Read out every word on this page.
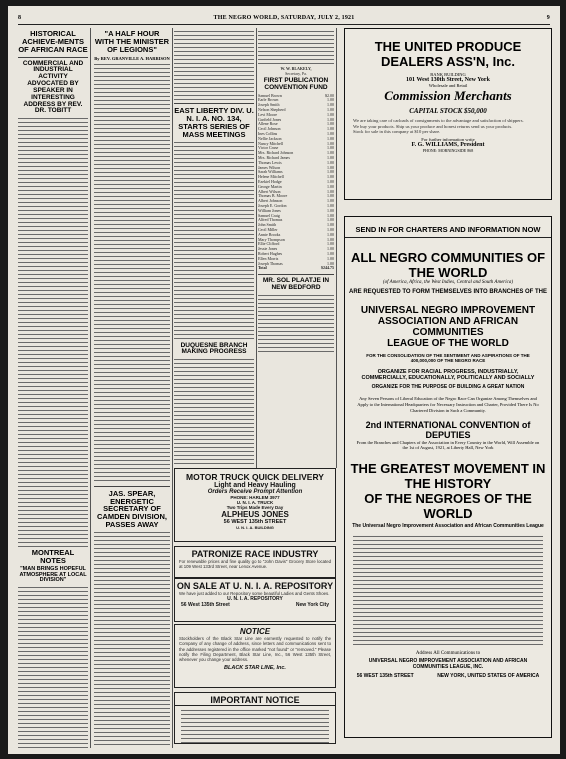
8	THE NEGRO WORLD, SATURDAY, JULY 2, 1921	9
HISTORICAL ACHIEVE-MENTS OF AFRICAN RACE
COMMERCIAL AND INDUSTRIAL ACTIVITY ADVOCATED BY SPEAKER IN INTERESTING ADDRESS BY REV. DR. TOBITT
MONTREAL NOTES
"MAN BRINGS HOPEFUL ATMOSPHERE AT LOCAL DIVISION"
"A HALF HOUR WITH THE MINISTER OF LEGIONS"
By REV. GRANVILLE A. HARRISON
JAS. SPEAR, ENERGETIC SECRETARY OF CAMDEN DIVISION, PASSES AWAY
EAST LIBERTY DIV. U. N. I. A. NO. 134, STARTS SERIES OF MASS MEETINGS
DUQUESNE BRANCH MAKING PROGRESS
W. W. BLAKELY,
Secretary, Pa.
FIRST PUBLICATION CONVENTION FUND
Samuel Brown	$2.00
Earle Brown	1.00
Joseph Smith	1.00
Nelson Shepherd	1.00
Levi Moore	1.00
Garfield Jones	1.00
Allene Rose	1.00
Cecil Johnson	1.00
Ines Collins	1.00
Nellie Jackson	1.00
Nancy Mitchell	1.00
Victor Cruse	1.00
Mrs. Richard Johnson	1.00
Mrs. Richard James	1.00
Thomas Lewis	1.00
James Wilson	1.00
Sarah Williams	1.00
Helene Mitchell	1.00
Ezekiel Hodge	1.00
George Martin	1.00
Albert Wilson	1.00
Thomas B. Moore	1.00
Albert Johnson	1.00
Joseph E. Gordon	1.00
William Jones	1.00
Samuel Craig	1.00
Alfred Thomas	1.00
John Smith	1.00
Cecil Miller	1.00
Annie Brooks	1.00
Mary Thompson	1.00
Ellie Clifford	1.00
Jessie Jones	1.00
Robert Hughes	1.00
Ellen Morris	1.00
Joseph Thomas	1.00
Total	$244.75
MR. SOL PLAATJE IN NEW BEDFORD
THE UNITED PRODUCE
DEALERS ASS'N, Inc.
BANK BUILDING
101 West 130th Street, New York
Wholesale and Retail
Commission Merchants
CAPITAL STOCK $50,000
We are taking care of carloads of consignments to the advantage and satisfaction of shippers.
We buy your products. Ship us your produce and honest returns send us your products.
Stock for sale in this company at $10 per share.
For further information write
F. G. WILLIAMS, President
PHONE: MORNINGSIDE 868
SEND IN FOR CHARTERS AND INFORMATION NOW
ALL NEGRO COMMUNITIES OF THE WORLD
(of America, Africa, the West Indies, Central and South America)
ARE REQUESTED TO FORM THEMSELVES INTO BRANCHES OF THE
UNIVERSAL NEGRO IMPROVEMENT ASSOCIATION AND AFRICAN COMMUNITIES
LEAGUE OF THE WORLD
FOR THE CONSOLIDATION OF THE SENTIMENT AND ASPIRATIONS OF THE 400,000,000 OF THE NEGRO RACE
ORGANIZE FOR RACIAL PROGRESS, INDUSTRIALLY, COMMERCIALLY, EDUCATIONALLY, POLITICALLY AND SOCIALLY
ORGANIZE FOR THE PURPOSE OF BUILDING A GREAT NATION
Any Seven Persons of Liberal Education of the Negro Race Can Organize Among Themselves and Apply to the International Headquarters for Necessary Instruction and Charter, Provided There Is No Chartered Division in Such a Community.
2nd INTERNATIONAL CONVENTION of DEPUTIES
From the Branches and Chapters of the Association in Every Country in the World, Will Assemble on the 1st of August, 1921, at Liberty Hall, New York
THE GREATEST MOVEMENT IN THE HISTORY
OF THE NEGROES OF THE WORLD
The Universal Negro Improvement Association and African Communities League
Address All Communications to
UNIVERSAL NEGRO IMPROVEMENT ASSOCIATION AND AFRICAN COMMUNITIES LEAGUE, INC.
56 WEST 135th STREET	NEW YORK, UNITED STATES OF AMERICA
MOTOR TRUCK QUICK DELIVERY
Light and Heavy Hauling
Orders Receive Prompt Attention
PHONE: HARLEM 3977
U. N. I. A. TRUCK
Two Trips Made Every Day
ALPHEUS JONES
56 WEST 135th STREET
U. N. I. A. BUILDING
PATRONIZE RACE INDUSTRY
For renewable prices and fine quality go to "John Davis" Grocery Store located at 109 West 133rd Street, near Lenox Avenue.
ON SALE AT U. N. I. A. REPOSITORY
We have just added to our Repository some beautiful Ladies and Gents Shoes.
U. N. I. A. REPOSITORY
56 West 135th Street	New York City
NOTICE
Stockholders of the Black Star Line are earnestly requested to notify the Company of any change of address, since letters and communications sent to the addresses registered in the office marked "not found" or "removed." Please notify the Filing Department, Black Star Line, Inc., 56 West 135th Street, whenever you change your address.
BLACK STAR LINE, Inc.
IMPORTANT NOTICE
